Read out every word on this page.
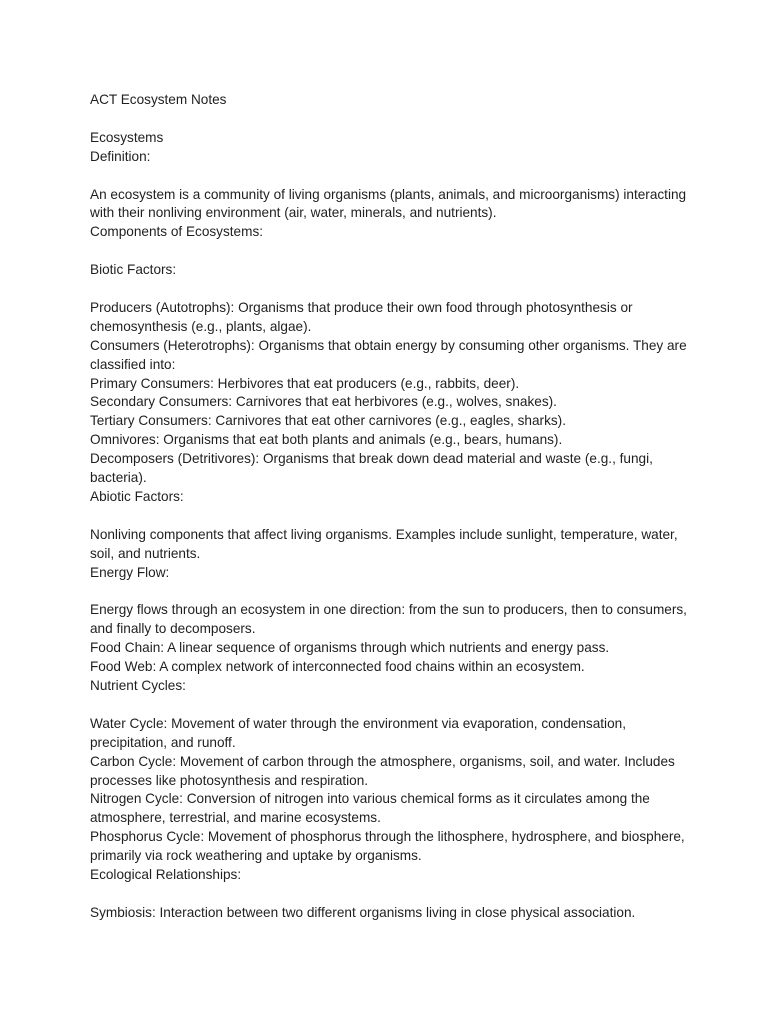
ACT Ecosystem Notes

Ecosystems

Definition:

An ecosystem is a community of living organisms (plants, animals, and microorganisms) interacting with their nonliving environment (air, water, minerals, and nutrients).

Components of Ecosystems:

Biotic Factors:

Producers (Autotrophs): Organisms that produce their own food through photosynthesis or chemosynthesis (e.g., plants, algae).

Consumers (Heterotrophs): Organisms that obtain energy by consuming other organisms. They are classified into:

Primary Consumers: Herbivores that eat producers (e.g., rabbits, deer).

Secondary Consumers: Carnivores that eat herbivores (e.g., wolves, snakes).

Tertiary Consumers: Carnivores that eat other carnivores (e.g., eagles, sharks).

Omnivores: Organisms that eat both plants and animals (e.g., bears, humans).

Decomposers (Detritivores): Organisms that break down dead material and waste (e.g., fungi, bacteria).

Abiotic Factors:

Nonliving components that affect living organisms. Examples include sunlight, temperature, water, soil, and nutrients.

Energy Flow:

Energy flows through an ecosystem in one direction: from the sun to producers, then to consumers, and finally to decomposers.

Food Chain: A linear sequence of organisms through which nutrients and energy pass.

Food Web: A complex network of interconnected food chains within an ecosystem.

Nutrient Cycles:

Water Cycle: Movement of water through the environment via evaporation, condensation, precipitation, and runoff.

Carbon Cycle: Movement of carbon through the atmosphere, organisms, soil, and water. Includes processes like photosynthesis and respiration.

Nitrogen Cycle: Conversion of nitrogen into various chemical forms as it circulates among the atmosphere, terrestrial, and marine ecosystems.

Phosphorus Cycle: Movement of phosphorus through the lithosphere, hydrosphere, and biosphere, primarily via rock weathering and uptake by organisms.

Ecological Relationships:

Symbiosis: Interaction between two different organisms living in close physical association.
